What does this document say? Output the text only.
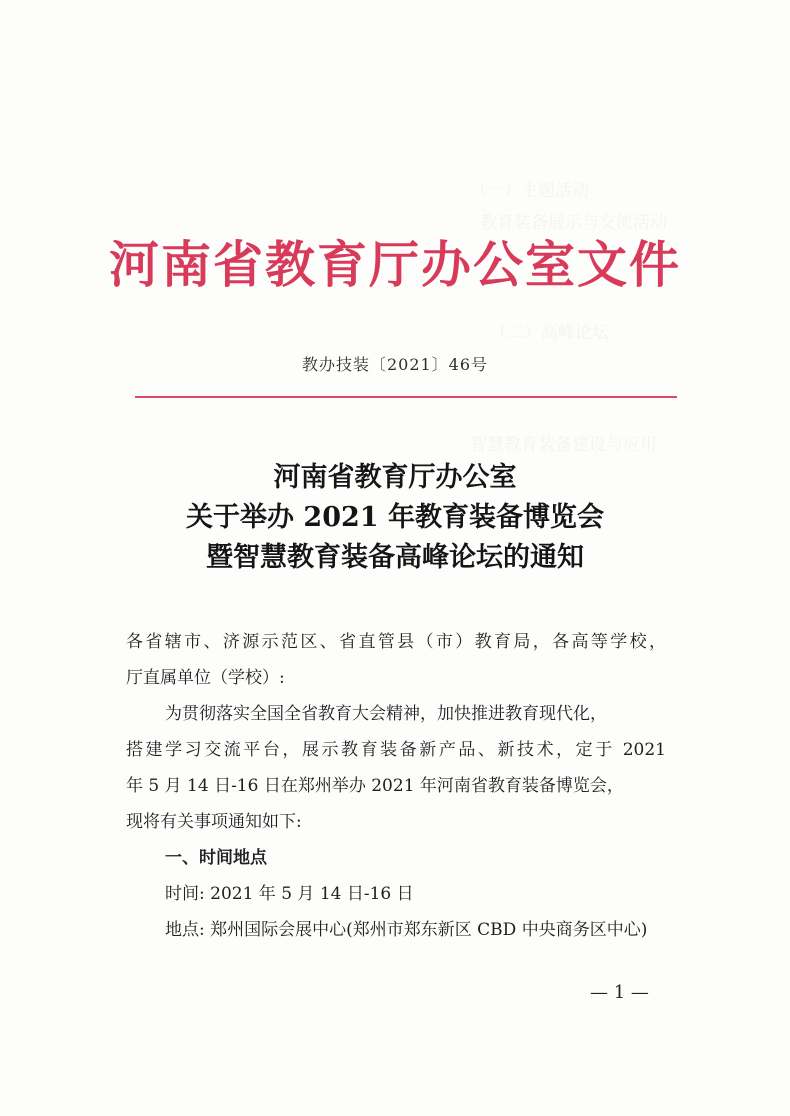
（一）主题活动
教育装备展示与交流活动
（二）高峰论坛
智慧教育装备建设与应用
河南省教育厅办公室文件
教办技装〔2021〕46号
河南省教育厅办公室
关于举办 2021 年教育装备博览会
暨智慧教育装备高峰论坛的通知
各省辖市、济源示范区、省直管县（市）教育局，各高等学校，
厅直属单位（学校）:
为贯彻落实全国全省教育大会精神，加快推进教育现代化，
搭建学习交流平台，展示教育装备新产品、新技术，定于 2021
年 5 月 14 日-16 日在郑州举办 2021 年河南省教育装备博览会，
现将有关事项通知如下:
一、时间地点
时间: 2021 年 5 月 14 日-16 日
地点: 郑州国际会展中心(郑州市郑东新区 CBD 中央商务区中心)
— 1 —
